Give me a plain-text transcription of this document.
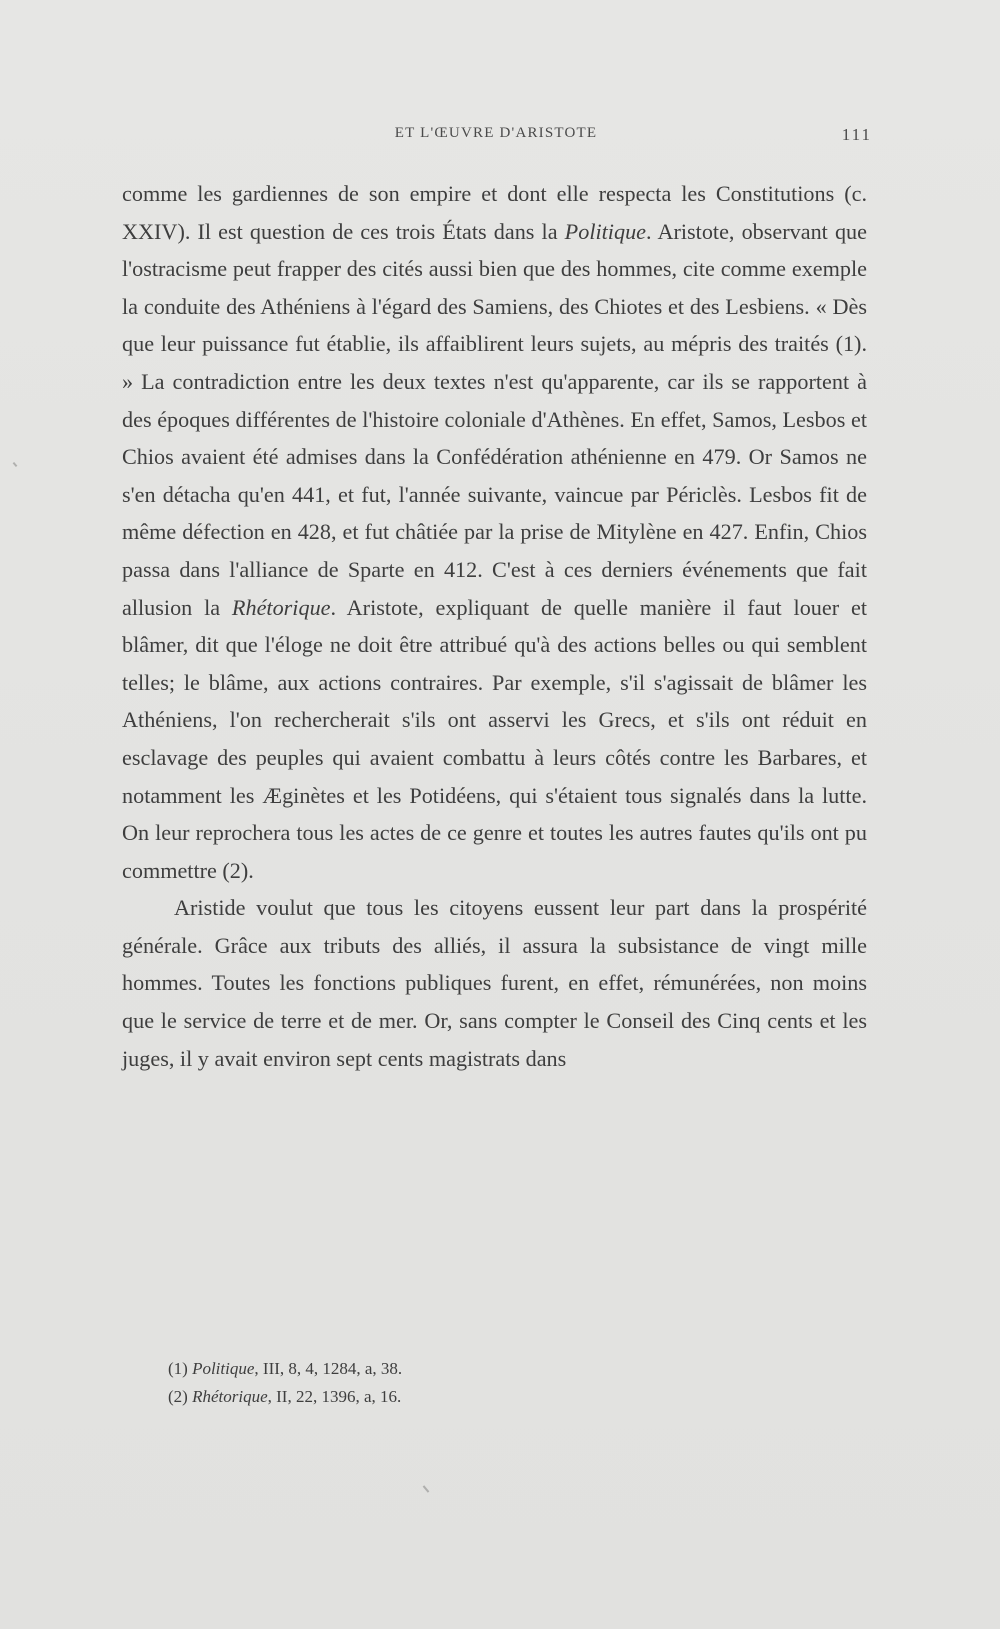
ET L'ŒUVRE D'ARISTOTE	111

comme les gardiennes de son empire et dont elle respecta les Constitutions (c. XXIV). Il est question de ces trois États dans la Politique. Aristote, observant que l'ostracisme peut frapper des cités aussi bien que des hommes, cite comme exemple la conduite des Athéniens à l'égard des Samiens, des Chiotes et des Lesbiens. « Dès que leur puissance fut établie, ils affaiblirent leurs sujets, au mépris des traités (1). » La contradiction entre les deux textes n'est qu'apparente, car ils se rapportent à des époques différentes de l'histoire coloniale d'Athènes. En effet, Samos, Lesbos et Chios avaient été admises dans la Confédération athénienne en 479. Or Samos ne s'en détacha qu'en 441, et fut, l'année suivante, vaincue par Périclès. Lesbos fit de même défection en 428, et fut châtiée par la prise de Mitylène en 427. Enfin, Chios passa dans l'alliance de Sparte en 412. C'est à ces derniers événements que fait allusion la Rhétorique. Aristote, expliquant de quelle manière il faut louer et blâmer, dit que l'éloge ne doit être attribué qu'à des actions belles ou qui semblent telles; le blâme, aux actions contraires. Par exemple, s'il s'agissait de blâmer les Athéniens, l'on rechercherait s'ils ont asservi les Grecs, et s'ils ont réduit en esclavage des peuples qui avaient combattu à leurs côtés contre les Barbares, et notamment les Æginètes et les Potidéens, qui s'étaient tous signalés dans la lutte. On leur reprochera tous les actes de ce genre et toutes les autres fautes qu'ils ont pu commettre (2).

Aristide voulut que tous les citoyens eussent leur part dans la prospérité générale. Grâce aux tributs des alliés, il assura la subsistance de vingt mille hommes. Toutes les fonctions publiques furent, en effet, rémunérées, non moins que le service de terre et de mer. Or, sans compter le Conseil des Cinq cents et les juges, il y avait environ sept cents magistrats dans

(1) Politique, III, 8, 4, 1284, a, 38.

(2) Rhétorique, II, 22, 1396, a, 16.
